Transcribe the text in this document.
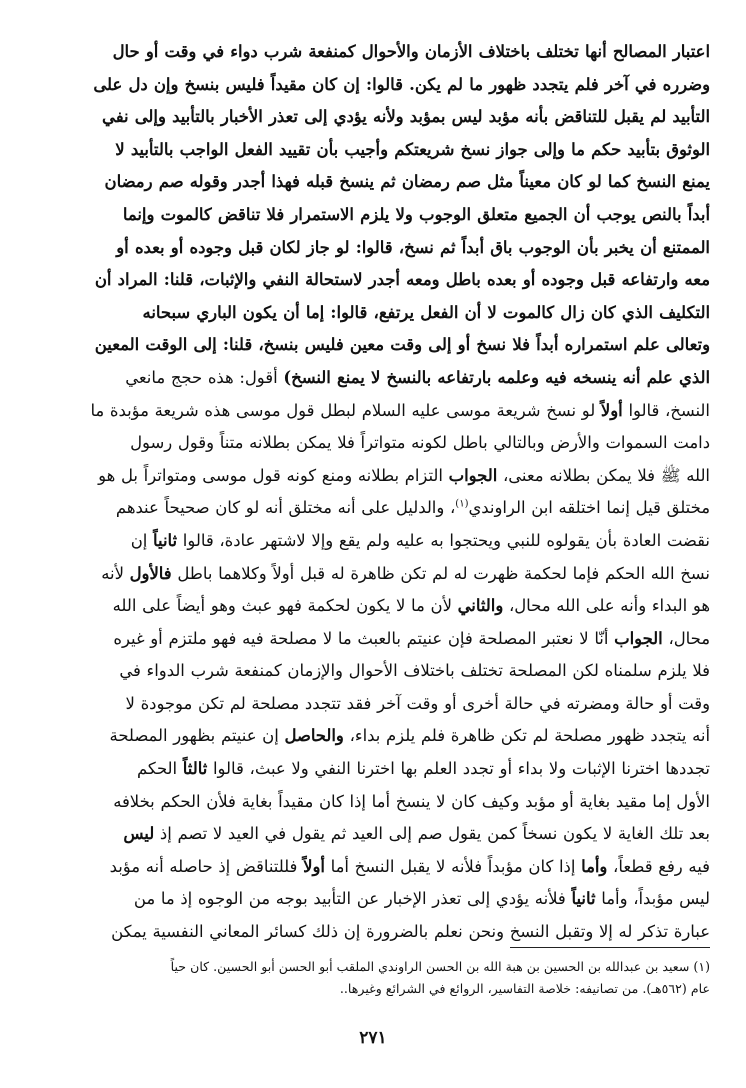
اعتبار المصالح أنها تختلف باختلاف الأزمان والأحوال كمنفعة شرب دواء في وقت أو حال
وضرره في آخر فلم يتجدد ظهور ما لم يكن. قالوا: إن كان مقيداً فليس بنسخ وإن دل على
التأبيد لم يقبل للتناقض بأنه مؤبد ليس بمؤبد ولأنه يؤدي إلى تعذر الأخبار بالتأبيد وإلى نفي
الوثوق بتأبيد حكم ما وإلى جواز نسخ شريعتكم وأجيب بأن تقييد الفعل الواجب بالتأبيد لا
يمنع النسخ كما لو كان معيناً مثل صم رمضان ثم ينسخ قبله فهذا أجدر وقوله صم رمضان
أبداً بالنص يوجب أن الجميع متعلق الوجوب ولا يلزم الاستمرار فلا تناقض كالموت وإنما
الممتنع أن يخبر بأن الوجوب باق أبداً ثم نسخ، قالوا: لو جاز لكان قبل وجوده أو بعده أو
معه وارتفاعه قبل وجوده أو بعده باطل ومعه أجدر لاستحالة النفي والإثبات، قلنا: المراد أن
التكليف الذي كان زال كالموت لا أن الفعل يرتفع، قالوا: إما أن يكون الباري سبحانه
وتعالى علم استمراره أبداً فلا نسخ أو إلى وقت معين فليس بنسخ، قلنا: إلى الوقت المعين
الذي علم أنه ينسخه فيه وعلمه بارتفاعه بالنسخ لا يمنع النسخ) أقول: هذه حجج مانعي
النسخ، قالوا أولاً لو نسخ شريعة موسى عليه السلام لبطل قول موسى هذه شريعة مؤبدة ما
دامت السموات والأرض وبالتالي باطل لكونه متواتراً فلا يمكن بطلانه متناً وقول رسول
الله ﷺ فلا يمكن بطلانه معنى، الجواب التزام بطلانه ومنع كونه قول موسى ومتواتراً بل هو
مختلق قيل إنما اختلقه ابن الراوندي$^{(١)}$، والدليل على أنه مختلق أنه لو كان صحيحاً عندهم
نقضت العادة بأن يقولوه للنبي ويحتجوا به عليه ولم يقع وإلا لاشتهر عادة، قالوا ثانياً إن
نسخ الله الحكم فإما لحكمة ظهرت له لم تكن ظاهرة له قبل أولاً وكلاهما باطل فالأول لأنه
هو البداء وأنه على الله محال، والثاني لأن ما لا يكون لحكمة فهو عبث وهو أيضاً على الله
محال، الجواب أنّا لا نعتبر المصلحة فإن عنيتم بالعبث ما لا مصلحة فيه فهو ملتزم أو غيره
فلا يلزم سلمناه لكن المصلحة تختلف باختلاف الأحوال والإزمان كمنفعة شرب الدواء في
وقت أو حالة ومضرته في حالة أخرى أو وقت آخر فقد تتجدد مصلحة لم تكن موجودة لا
أنه يتجدد ظهور مصلحة لم تكن ظاهرة فلم يلزم بداء، والحاصل إن عنيتم بظهور المصلحة
تجددها اخترنا الإثبات ولا بداء أو تجدد العلم بها اخترنا النفي ولا عبث، قالوا ثالثاً الحكم
الأول إما مقيد بغاية أو مؤبد وكيف كان لا ينسخ أما إذا كان مقيداً بغاية فلأن الحكم بخلافه
بعد تلك الغاية لا يكون نسخاً كمن يقول صم إلى العيد ثم يقول في العيد لا تصم إذ ليس
فيه رفع قطعاً، وأما إذا كان مؤبداً فلأنه لا يقبل النسخ أما أولاً فللتناقض إذ حاصله أنه مؤبد
ليس مؤبداً، وأما ثانياً فلأنه يؤدي إلى تعذر الإخبار عن التأبيد بوجه من الوجوه إذ ما من
عبارة تذكر له إلا وتقبل النسخ ونحن نعلم بالضرورة إن ذلك كسائر المعاني النفسية يمكن
(١) سعيد بن عبدالله بن الحسين بن هبة الله بن الحسن الراوندي الملقب أبو الحسن أبو الحسين. كان حياً
عام (٥٦٢هـ). من تصانيفه: خلاصة التفاسير، الروائع في الشرائع وغيرها..
٢٧١
